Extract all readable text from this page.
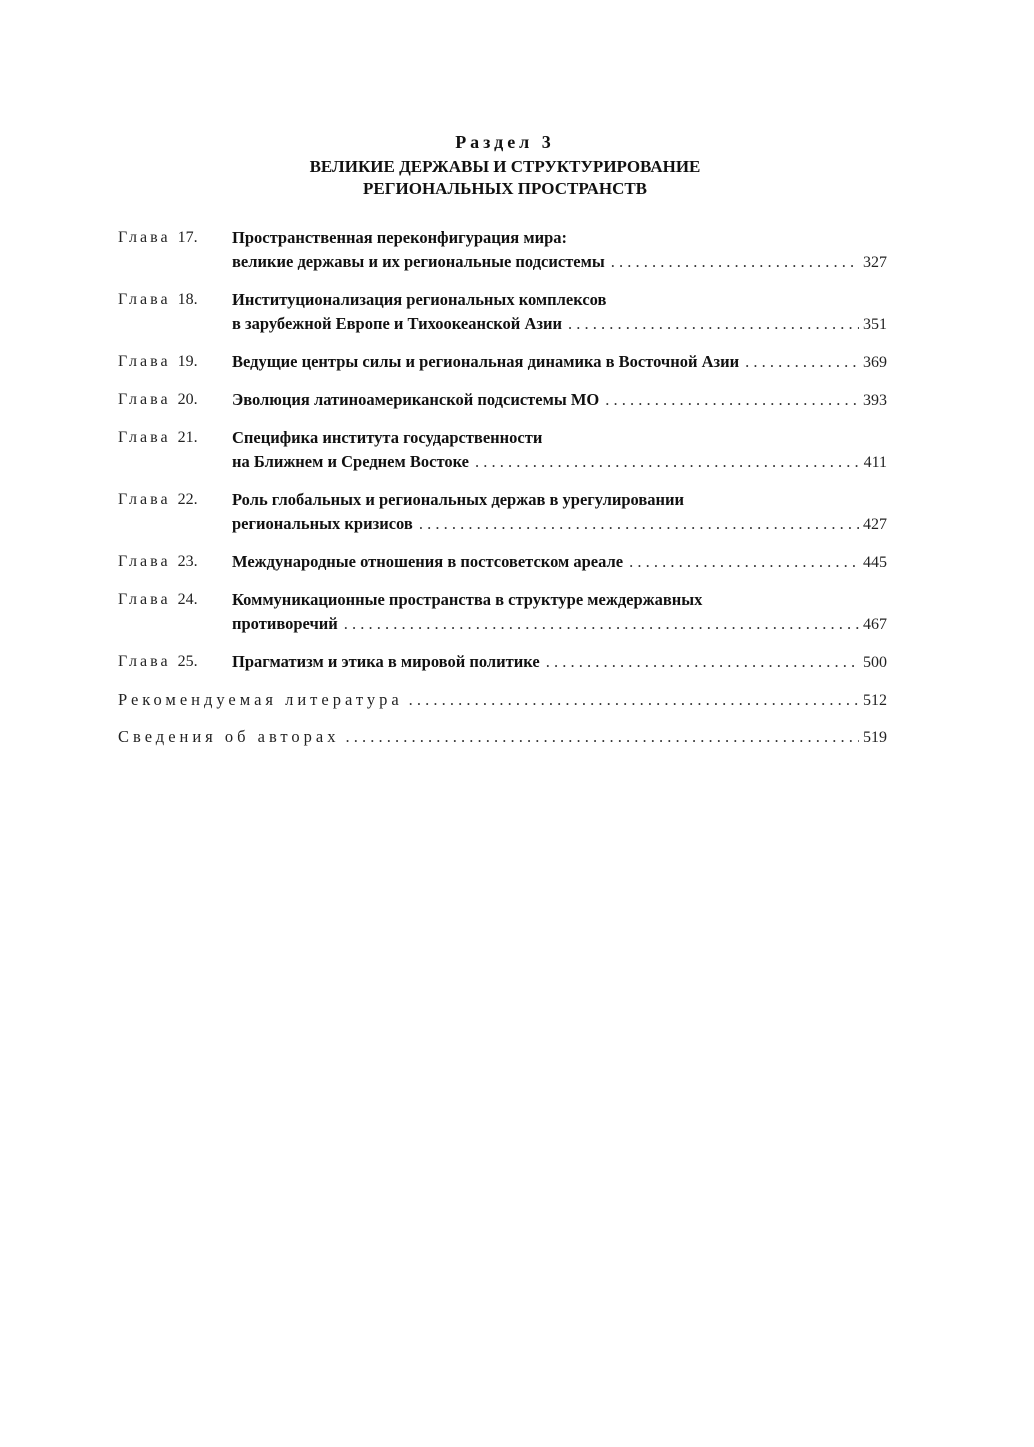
Раздел 3
ВЕЛИКИЕ ДЕРЖАВЫ И СТРУКТУРИРОВАНИЕ РЕГИОНАЛЬНЫХ ПРОСТРАНСТВ
Глава 17.	Пространственная переконфигурация мира:
великие державы и их региональные подсистемы . . .	327
Глава 18.	Институционализация региональных комплексов
в зарубежной Европе и Тихоокеанской Азии . . .	351
Глава 19.	Ведущие центры силы и региональная динамика в Восточной Азии . . .	369
Глава 20.	Эволюция латиноамериканской подсистемы МО . . .	393
Глава 21.	Специфика института государственности
на Ближнем и Среднем Востоке . . .	411
Глава 22.	Роль глобальных и региональных держав в урегулировании
региональных кризисов . . .	427
Глава 23.	Международные отношения в постсоветском ареале . . .	445
Глава 24.	Коммуникационные пространства в структуре междержавных
противоречий . . .	467
Глава 25.	Прагматизм и этика в мировой политике . . .	500
Рекомендуемая литература . . .	512
Сведения об авторах . . .	519
